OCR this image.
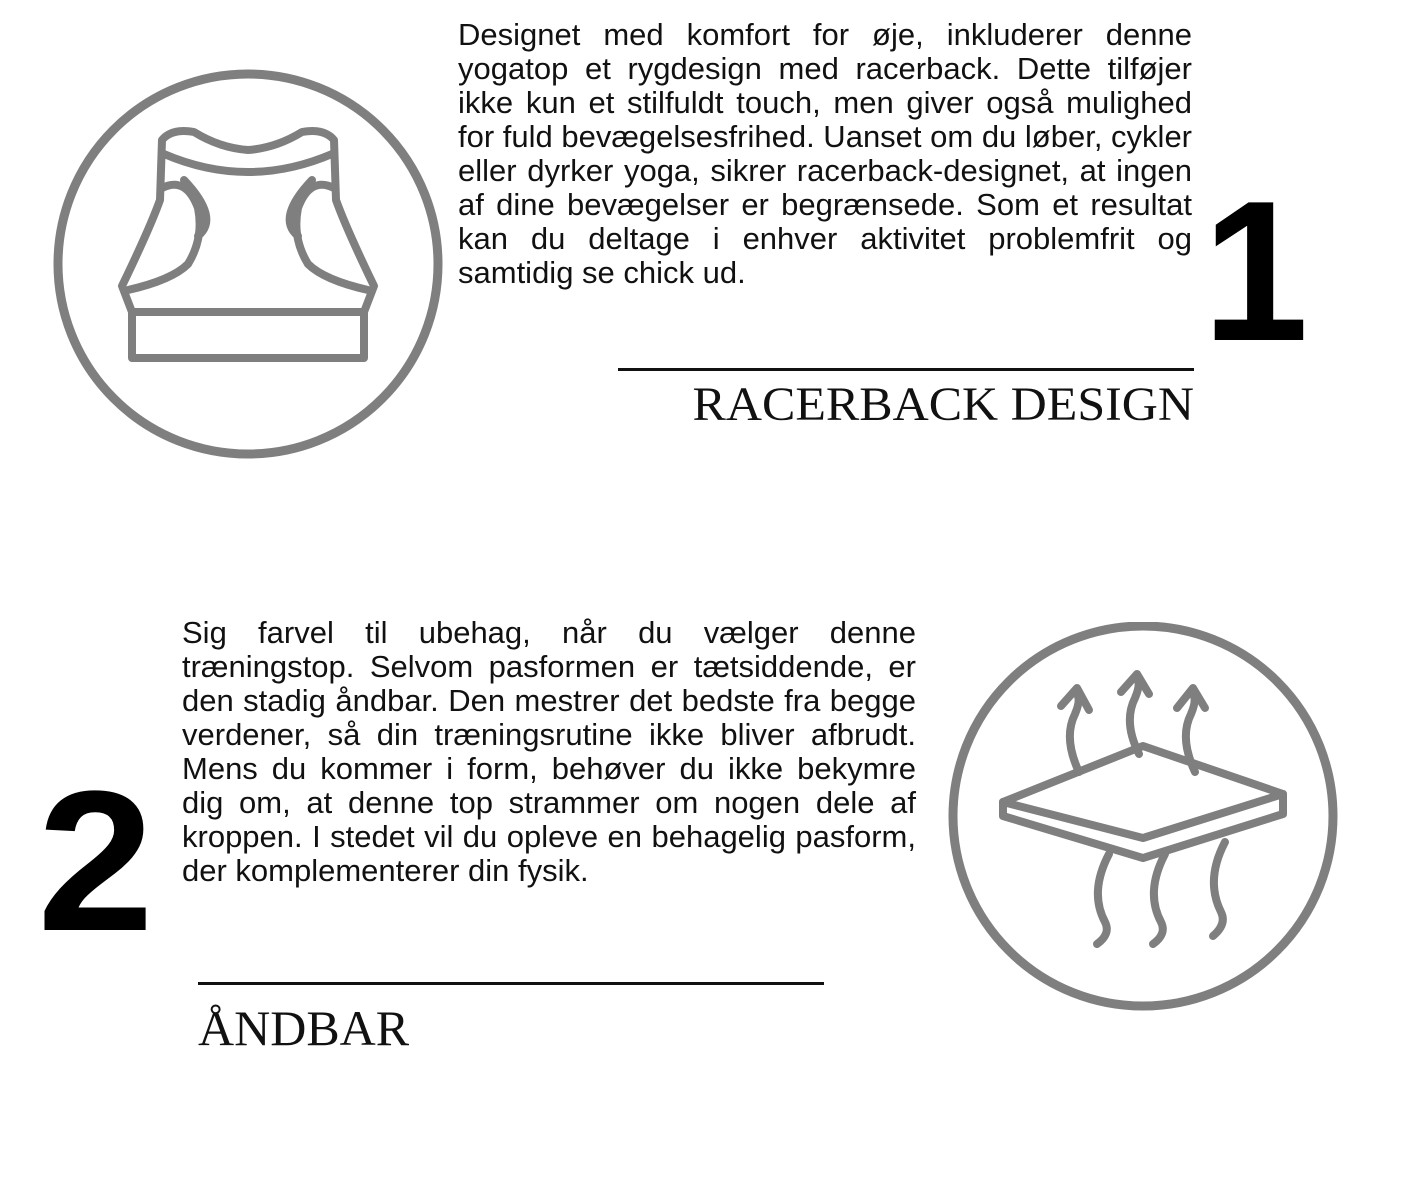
Designet med komfort for øje, inkluderer denne yogatop et rygdesign med racerback. Dette tilføjer ikke kun et stilfuldt touch, men giver også mulighed for fuld bevægelsesfrihed. Uanset om du løber, cykler eller dyrker yoga, sikrer racerback-designet, at ingen af dine bevægelser er begrænsede. Som et resultat kan du deltage i enhver aktivitet problemfrit og samtidig se chick ud.	1
RACERBACK DESIGN
2

Sig farvel til ubehag, når du vælger denne træningstop. Selvom pasformen er tætsiddende, er den stadig åndbar. Den mestrer det bedste fra begge verdener, så din træningsrutine ikke bliver afbrudt. Mens du kommer i form, behøver du ikke bekymre dig om, at denne top strammer om nogen dele af kroppen. I stedet vil du opleve en behagelig pasform, der komplementerer din fysik.

ÅNDBAR
